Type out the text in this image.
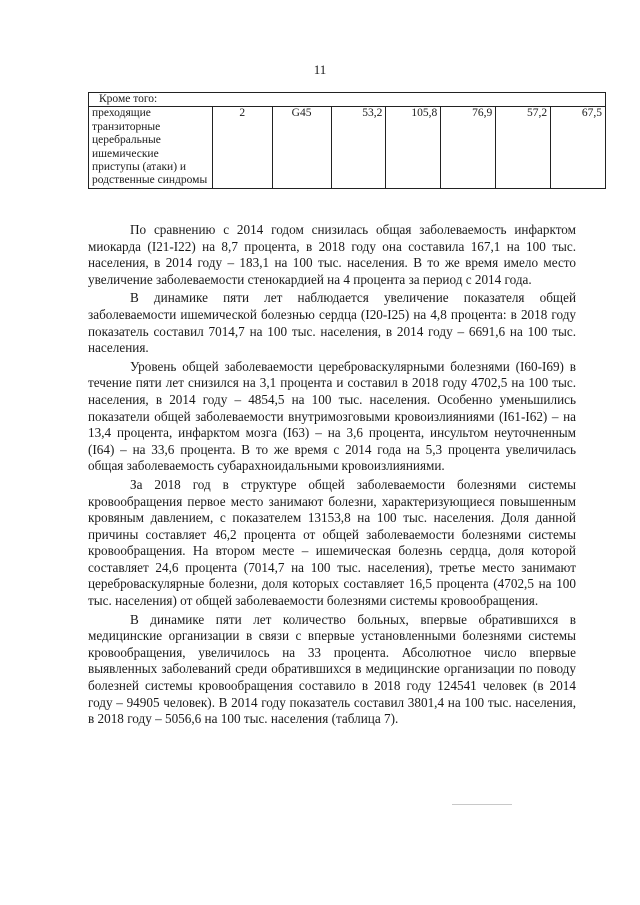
11
Кроме того:
преходящие транзиторные церебральные ишемические приступы (атаки) и родственные синдромы	2	G45	53,2	105,8	76,9	57,2	67,5

По сравнению с 2014 годом снизилась общая заболеваемость инфарктом миокарда (I21-I22) на 8,7 процента, в 2018 году она составила 167,1 на 100 тыс. населения, в 2014 году – 183,1 на 100 тыс. населения. В то же время имело место увеличение заболеваемости стенокардией на 4 процента за период с 2014 года.

В динамике пяти лет наблюдается увеличение показателя общей заболеваемости ишемической болезнью сердца (I20-I25) на 4,8 процента: в 2018 году показатель составил 7014,7 на 100 тыс. населения, в 2014 году – 6691,6 на 100 тыс. населения.

Уровень общей заболеваемости цереброваскулярными болезнями (I60-I69) в течение пяти лет снизился на 3,1 процента и составил в 2018 году 4702,5 на 100 тыс. населения, в 2014 году – 4854,5 на 100 тыс. населения. Особенно уменьшились показатели общей заболеваемости внутримозговыми кровоизлияниями (I61-I62) – на 13,4 процента, инфарктом мозга (I63) – на 3,6 процента, инсультом неуточненным (I64) – на 33,6 процента. В то же время с 2014 года на 5,3 процента увеличилась общая заболеваемость субарахноидальными кровоизлияниями.

За 2018 год в структуре общей заболеваемости болезнями системы кровообращения первое место занимают болезни, характеризующиеся повышенным кровяным давлением, с показателем 13153,8 на 100 тыс. населения. Доля данной причины составляет 46,2 процента от общей заболеваемости болезнями системы кровообращения. На втором месте – ишемическая болезнь сердца, доля которой составляет 24,6 процента (7014,7 на 100 тыс. населения), третье место занимают цереброваскулярные болезни, доля которых составляет 16,5 процента (4702,5 на 100 тыс. населения) от общей заболеваемости болезнями системы кровообращения.

В динамике пяти лет количество больных, впервые обратившихся в медицинские организации в связи с впервые установленными болезнями системы кровообращения, увеличилось на 33 процента. Абсолютное число впервые выявленных заболеваний среди обратившихся в медицинские организации по поводу болезней системы кровообращения составило в 2018 году 124541 человек (в 2014 году – 94905 человек). В 2014 году показатель составил 3801,4 на 100 тыс. населения, в 2018 году – 5056,6 на 100 тыс. населения (таблица 7).
